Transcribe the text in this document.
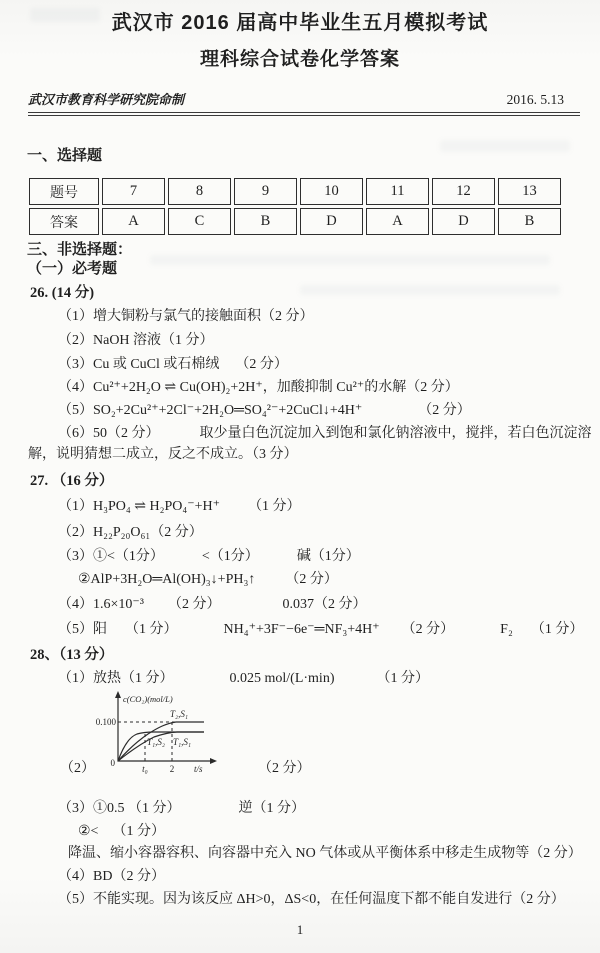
武汉市 2016 届高中毕业生五月模拟考试
理科综合试卷化学答案
武汉市教育科学研究院命制	2016. 5.13
一、选择题
题号	7	8	9	10	11	12	13
答案	A	C	B	D	A	D	B
三、非选择题：
（一）必考题
26. (14 分)
（1）增大铜粉与氯气的接触面积（2 分）
（2）NaOH 溶液（1 分）
（3）Cu 或 CuCl 或石棉绒 （2 分）
（4）Cu²⁺+2H₂O ⇌ Cu(OH)₂+2H⁺，加酸抑制 Cu²⁺的水解（2 分）
（5）SO₂+2Cu²⁺+2Cl⁻+2H₂O═SO₄²⁻+2CuCl↓+4H⁺	（2 分）
（6）50（2 分）	取少量白色沉淀加入到饱和氯化钠溶液中，搅拌，若白色沉淀溶
解，说明猜想二成立，反之不成立。（3 分）
27. （16 分）
（1）H₃PO₄ ⇌ H₂PO₄⁻+H⁺ （1 分）
（2）H₂₂P₂₀O₆₁（2 分）
（3）①<（1分）	<（1分）	碱（1分）
②AlP+3H₂O═Al(OH)₃↓+PH₃↑ （2 分）
（4）1.6×10⁻³ （2 分）	0.037（2 分）
（5）阳 （1 分）	NH₄⁺+3F⁻−6e⁻═NF₃+4H⁺ （2 分）	F₂ （1 分）
28、（13 分）
（1）放热（1 分）	0.025 mol/(L·min)	（1 分）
（2）
c(CO₂)(mol/L)
0.100
T₂,S₁
T₁,S₂ T₁,S₁
0
t₀ 2 t/s	（2 分）
（3）①0.5 （1 分）	逆（1 分）
②< （1 分）
降温、缩小容器容积、向容器中充入 NO 气体或从平衡体系中移走生成物等（2 分）
（4）BD（2 分）
（5）不能实现。因为该反应 ΔH>0，ΔS<0，在任何温度下都不能自发进行（2 分）
1
